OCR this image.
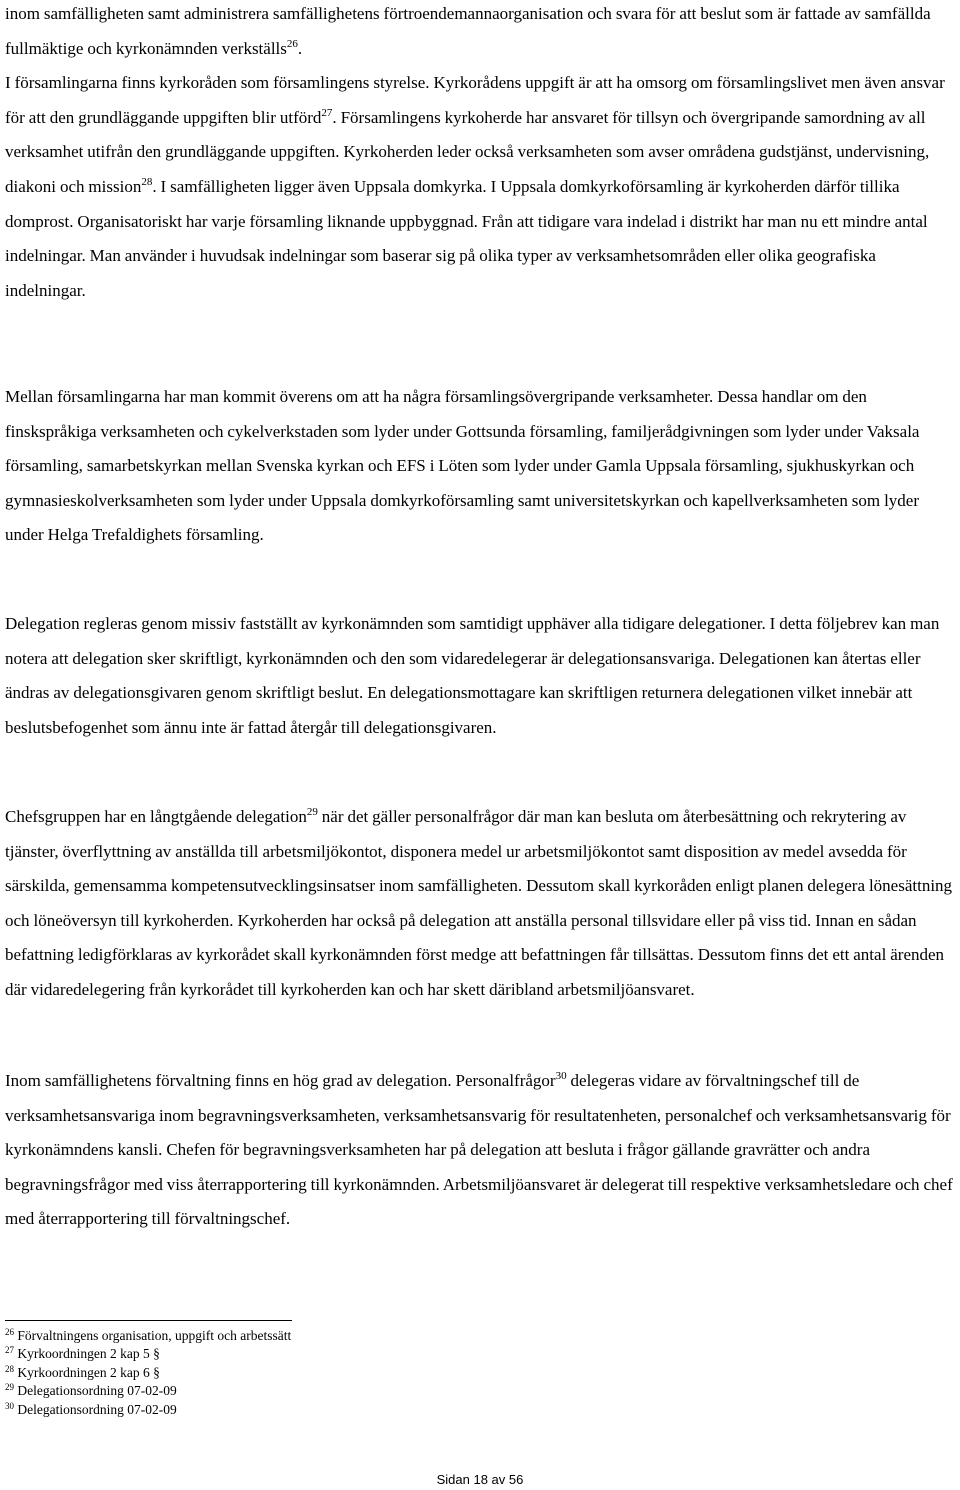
inom samfälligheten samt administrera samfällighetens förtroendemannaorganisation och svara för att beslut som är fattade av samfällda fullmäktige och kyrkonämnden verkställs$^{26}$.

I församlingarna finns kyrkoråden som församlingens styrelse. Kyrkorådens uppgift är att ha omsorg om församlingslivet men även ansvar för att den grundläggande uppgiften blir utförd$^{27}$. Församlingens kyrkoherde har ansvaret för tillsyn och övergripande samordning av all verksamhet utifrån den grundläggande uppgiften. Kyrkoherden leder också verksamheten som avser områdena gudstjänst, undervisning, diakoni och mission$^{28}$. I samfälligheten ligger även Uppsala domkyrka. I Uppsala domkyrkoförsamling är kyrkoherden därför tillika domprost. Organisatoriskt har varje församling liknande uppbyggnad. Från att tidigare vara indelad i distrikt har man nu ett mindre antal indelningar. Man använder i huvudsak indelningar som baserar sig på olika typer av verksamhetsområden eller olika geografiska indelningar.

Mellan församlingarna har man kommit överens om att ha några församlingsövergripande verksamheter. Dessa handlar om den finskspråkiga verksamheten och cykelverkstaden som lyder under Gottsunda församling, familjerådgivningen som lyder under Vaksala församling, samarbetskyrkan mellan Svenska kyrkan och EFS i Löten som lyder under Gamla Uppsala församling, sjukhuskyrkan och gymnasieskolverksamheten som lyder under Uppsala domkyrkoförsamling samt universitetskyrkan och kapellverksamheten som lyder under Helga Trefaldighets församling.

Delegation regleras genom missiv fastställt av kyrkonämnden som samtidigt upphäver alla tidigare delegationer. I detta följebrev kan man notera att delegation sker skriftligt, kyrkonämnden och den som vidaredelegerar är delegationsansvariga. Delegationen kan återtas eller ändras av delegationsgivaren genom skriftligt beslut. En delegationsmottagare kan skriftligen returnera delegationen vilket innebär att beslutsbefogenhet som ännu inte är fattad återgår till delegationsgivaren.

Chefsgruppen har en långtgående delegation$^{29}$ när det gäller personalfrågor där man kan besluta om återbesättning och rekrytering av tjänster, överflyttning av anställda till arbetsmiljökontot, disponera medel ur arbetsmiljökontot samt disposition av medel avsedda för särskilda, gemensamma kompetensutvecklingsinsatser inom samfälligheten. Dessutom skall kyrkoråden enligt planen delegera lönesättning och löneöversyn till kyrkoherden. Kyrkoherden har också på delegation att anställa personal tillsvidare eller på viss tid. Innan en sådan befattning ledigförklaras av kyrkorådet skall kyrkonämnden först medge att befattningen får tillsättas. Dessutom finns det ett antal ärenden där vidaredelegering från kyrkorådet till kyrkoherden kan och har skett däribland arbetsmiljöansvaret.

Inom samfällighetens förvaltning finns en hög grad av delegation. Personalfrågor$^{30}$ delegeras vidare av förvaltningschef till de verksamhetsansvariga inom begravningsverksamheten, verksamhetsansvarig för resultatenheten, personalchef och verksamhetsansvarig för kyrkonämndens kansli. Chefen för begravningsverksamheten har på delegation att besluta i frågor gällande gravrätter och andra begravningsfrågor med viss återrapportering till kyrkonämnden. Arbetsmiljöansvaret är delegerat till respektive verksamhetsledare och chef med återrapportering till förvaltningschef.

$^{26}$ Förvaltningens organisation, uppgift och arbetssätt
$^{27}$ Kyrkoordningen 2 kap 5 §
$^{28}$ Kyrkoordningen 2 kap 6 §
$^{29}$ Delegationsordning 07-02-09
$^{30}$ Delegationsordning 07-02-09
Sidan 18 av 56
